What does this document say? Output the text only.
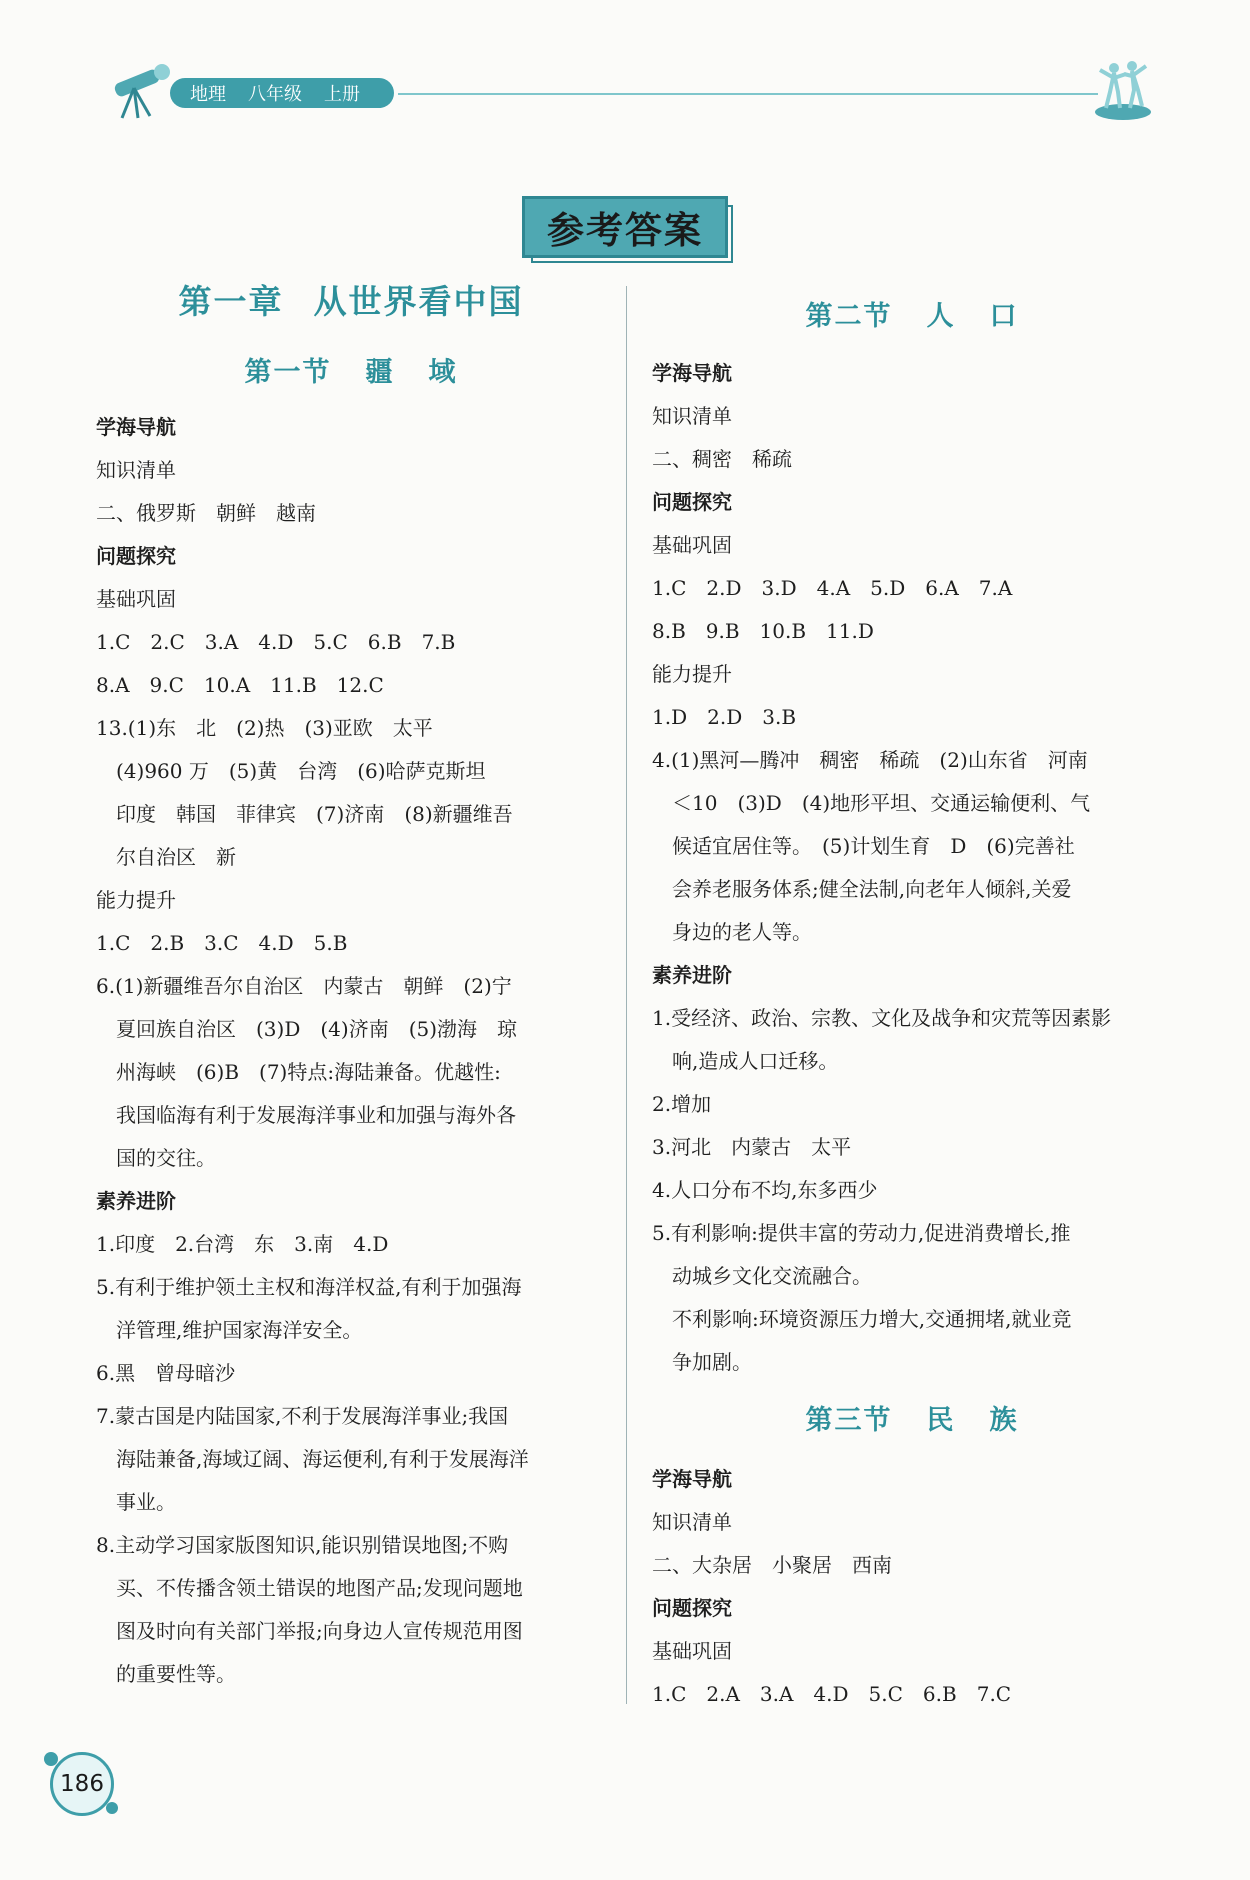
地理 八年级 上册
参考答案
第一章 从世界看中国
第一节 疆 域
学海导航
知识清单
二、俄罗斯　朝鲜　越南
问题探究
基础巩固
1.C　2.C　3.A　4.D　5.C　6.B　7.B
8.A　9.C　10.A　11.B　12.C
13.(1)东　北　(2)热　(3)亚欧　太平
(4)960 万　(5)黄　台湾　(6)哈萨克斯坦
印度　韩国　菲律宾　(7)济南　(8)新疆维吾
尔自治区　新
能力提升
1.C　2.B　3.C　4.D　5.B
6.(1)新疆维吾尔自治区　内蒙古　朝鲜　(2)宁
夏回族自治区　(3)D　(4)济南　(5)渤海　琼
州海峡　(6)B　(7)特点:海陆兼备。优越性:
我国临海有利于发展海洋事业和加强与海外各
国的交往。
素养进阶
1.印度　2.台湾　东　3.南　4.D
5.有利于维护领土主权和海洋权益,有利于加强海
洋管理,维护国家海洋安全。
6.黑　曾母暗沙
7.蒙古国是内陆国家,不利于发展海洋事业;我国
海陆兼备,海域辽阔、海运便利,有利于发展海洋
事业。
8.主动学习国家版图知识,能识别错误地图;不购
买、不传播含领土错误的地图产品;发现问题地
图及时向有关部门举报;向身边人宣传规范用图
的重要性等。
第二节 人 口
学海导航
知识清单
二、稠密　稀疏
问题探究
基础巩固
1.C　2.D　3.D　4.A　5.D　6.A　7.A
8.B　9.B　10.B　11.D
能力提升
1.D　2.D　3.B
4.(1)黑河—腾冲　稠密　稀疏　(2)山东省　河南
＜10　(3)D　(4)地形平坦、交通运输便利、气
候适宜居住等。　(5)计划生育　D　(6)完善社
会养老服务体系;健全法制,向老年人倾斜,关爱
身边的老人等。
素养进阶
1.受经济、政治、宗教、文化及战争和灾荒等因素影
响,造成人口迁移。
2.增加
3.河北　内蒙古　太平
4.人口分布不均,东多西少
5.有利影响:提供丰富的劳动力,促进消费增长,推
动城乡文化交流融合。
不利影响:环境资源压力增大,交通拥堵,就业竞
争加剧。
第三节 民 族
学海导航
知识清单
二、大杂居　小聚居　西南
问题探究
基础巩固
1.C　2.A　3.A　4.D　5.C　6.B　7.C
186
